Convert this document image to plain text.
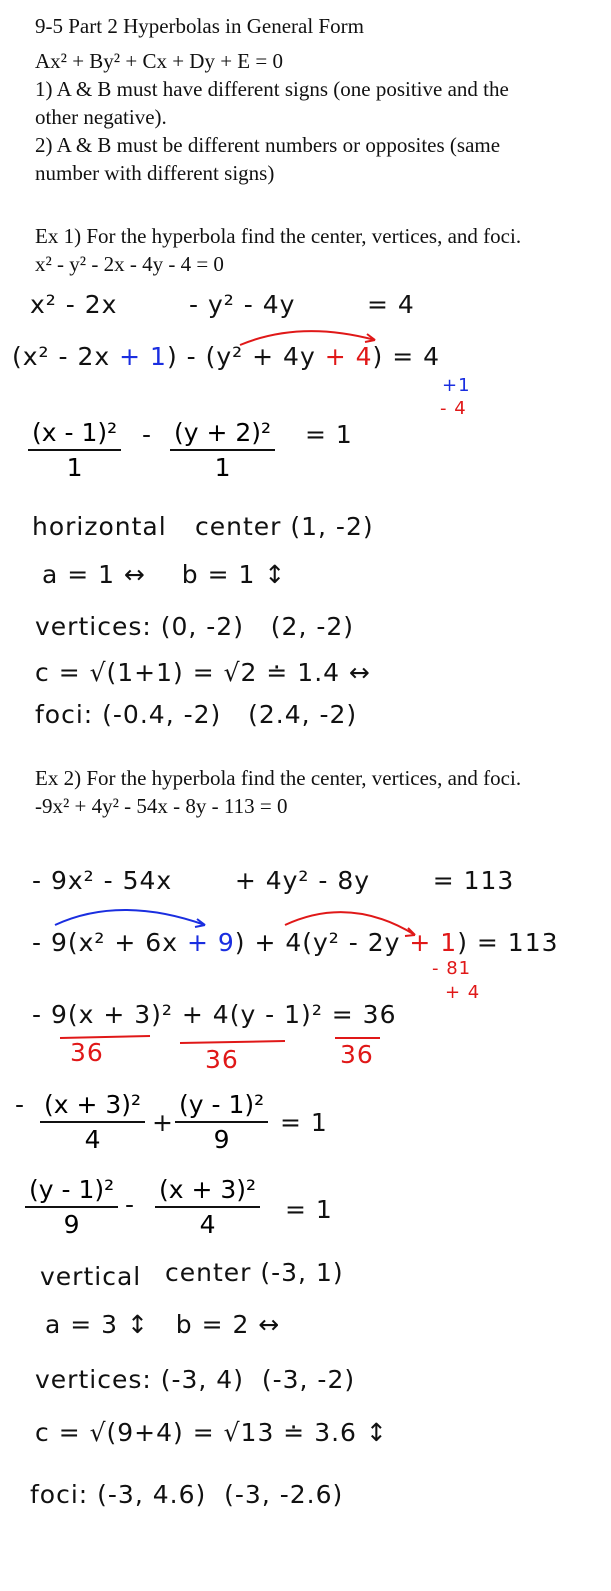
9-5 Part 2 Hyperbolas in General Form
Ax² + By² + Cx + Dy + E = 0
1) A & B must have different signs (one positive and the
other negative).
2) A & B must be different numbers or opposites (same
number with different signs)
Ex 1) For the hyperbola find the center, vertices, and foci.
x² - y² - 2x - 4y - 4 = 0
x² - 2x        - y² - 4y        = 4
(x² - 2x + 1) - (y² + 4y + 4) = 4
+1
- 4
$\frac{\text{(x - 1)²}}{1} - \frac{\text{(y + 2)²}}{1} = 1$
horizontal center (1, -2)
a = 1 ↔    b = 1 ↕
vertices: (0, -2)   (2, -2)
c = √(1+1) = √2 ≐ 1.4 ↔
foci: (-0.4, -2)   (2.4, -2)
Ex 2) For the hyperbola find the center, vertices, and foci.
-9x² + 4y² - 54x - 8y - 113 = 0
- 9x² - 54x       + 4y² - 8y       = 113
- 9(x² + 6x + 9) + 4(y² - 2y + 1) = 113
- 81
+ 4
- 9(x + 3)² + 4(y - 1)² = 36
36	36	36
- $\frac{\text{(x + 3)²}}{4} + \frac{\text{(y - 1)²}}{9} = 1$
$\frac{\text{(y - 1)²}}{9} - \frac{\text{(x + 3)²}}{4} = 1$
vertical center (-3, 1)
a = 3 ↕   b = 2 ↔
vertices: (-3, 4)  (-3, -2)
c = √(9+4) = √13 ≐ 3.6 ↕
foci: (-3, 4.6)  (-3, -2.6)
